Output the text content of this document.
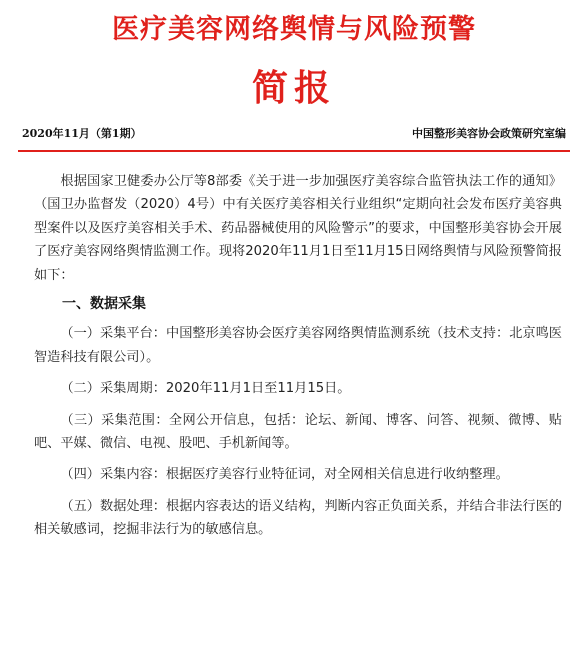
医疗美容网络舆情与风险预警
简报
2020年11月（第1期）	中国整形美容协会政策研究室编

根据国家卫健委办公厅等8部委《关于进一步加强医疗美容综合监管执法工作的通知》（国卫办监督发（2020）4号）中有关医疗美容相关行业组织“定期向社会发布医疗美容典型案件以及医疗美容相关手术、药品器械使用的风险警示”的要求，中国整形美容协会开展了医疗美容网络舆情监测工作。现将2020年11月1日至11月15日网络舆情与风险预警简报如下：

一、数据采集

（一）采集平台：中国整形美容协会医疗美容网络舆情监测系统（技术支持：北京鸣医智造科技有限公司）。

（二）采集周期：2020年11月1日至11月15日。

（三）采集范围：全网公开信息，包括：论坛、新闻、博客、问答、视频、微博、贴吧、平媒、微信、电视、股吧、手机新闻等。

（四）采集内容：根据医疗美容行业特征词，对全网相关信息进行收纳整理。

（五）数据处理：根据内容表达的语义结构，判断内容正负面关系，并结合非法行医的相关敏感词，挖掘非法行为的敏感信息。
